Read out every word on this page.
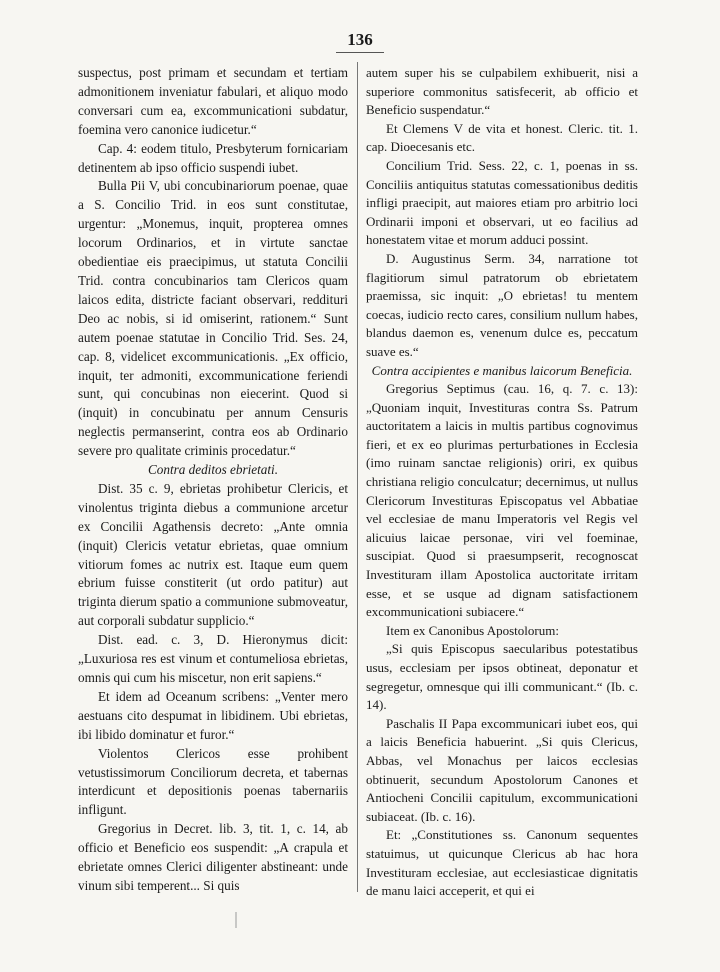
136

suspectus, post primam et secundam et tertiam admonitionem inveniatur fabulari, et aliquo modo conversari cum ea, excommunicationi subdatur, foemina vero canonice iudicetur.“

Cap. 4: eodem titulo, Presbyterum fornicariam detinentem ab ipso officio suspendi iubet.

Bulla Pii V, ubi concubinariorum poenae, quae a S. Concilio Trid. in eos sunt constitutae, urgentur: „Monemus, inquit, propterea omnes locorum Ordinarios, et in virtute sanctae obedientiae eis praecipimus, ut statuta Concilii Trid. contra concubinarios tam Clericos quam laicos edita, districte faciant observari, reddituri Deo ac nobis, si id omiserint, rationem.“ Sunt autem poenae statutae in Concilio Trid. Ses. 24, cap. 8, videlicet excommunicationis. „Ex officio, inquit, ter admoniti, excommunicatione feriendi sunt, qui concubinas non eiecerint. Quod si (inquit) in concubinatu per annum Censuris neglectis permanserint, contra eos ab Ordinario severe pro qualitate criminis procedatur.“

Contra deditos ebrietati.

Dist. 35 c. 9, ebrietas prohibetur Clericis, et vinolentus triginta diebus a communione arcetur ex Concilii Agathensis decreto: „Ante omnia (inquit) Clericis vetatur ebrietas, quae omnium vitiorum fomes ac nutrix est. Itaque eum quem ebrium fuisse constiterit (ut ordo patitur) aut triginta dierum spatio a communione submoveatur, aut corporali subdatur supplicio.“

Dist. ead. c. 3, D. Hieronymus dicit: „Luxuriosa res est vinum et contumeliosa ebrietas, omnis qui cum his miscetur, non erit sapiens.“

Et idem ad Oceanum scribens: „Venter mero aestuans cito despumat in libidinem. Ubi ebrietas, ibi libido dominatur et furor.“

Violentos Clericos esse prohibent vetustissimorum Conciliorum decreta, et tabernas interdicunt et depositionis poenas tabernariis infligunt.

Gregorius in Decret. lib. 3, tit. 1, c. 14, ab officio et Beneficio eos suspendit: „A crapula et ebrietate omnes Clerici diligenter abstineant: unde vinum sibi temperent... Si quis

autem super his se culpabilem exhibuerit, nisi a superiore commonitus satisfecerit, ab officio et Beneficio suspendatur.“

Et Clemens V de vita et honest. Cleric. tit. 1. cap. Dioecesanis etc.

Concilium Trid. Sess. 22, c. 1, poenas in ss. Conciliis antiquitus statutas comessationibus deditis infligi praecipit, aut maiores etiam pro arbitrio loci Ordinarii imponi et observari, ut eo facilius ad honestatem vitae et morum adduci possint.

D. Augustinus Serm. 34, narratione tot flagitiorum simul patratorum ob ebrietatem praemissa, sic inquit: „O ebrietas! tu mentem coecas, iudicio recto cares, consilium nullum habes, blandus daemon es, venenum dulce es, peccatum suave es.“

Contra accipientes e manibus laicorum Beneficia.

Gregorius Septimus (cau. 16, q. 7. c. 13): „Quoniam inquit, Investituras contra Ss. Patrum auctoritatem a laicis in multis partibus cognovimus fieri, et ex eo plurimas perturbationes in Ecclesia (imo ruinam sanctae religionis) oriri, ex quibus christiana religio conculcatur; decernimus, ut nullus Clericorum Investituras Episcopatus vel Abbatiae vel ecclesiae de manu Imperatoris vel Regis vel alicuius laicae personae, viri vel foeminae, suscipiat. Quod si praesumpserit, recognoscat Investituram illam Apostolica auctoritate irritam esse, et se usque ad dignam satisfactionem excommunicationi subiacere.“

Item ex Canonibus Apostolorum:

„Si quis Episcopus saecularibus potestatibus usus, ecclesiam per ipsos obtineat, deponatur et segregetur, omnesque qui illi communicant.“ (Ib. c. 14).

Paschalis II Papa excommunicari iubet eos, qui a laicis Beneficia habuerint. „Si quis Clericus, Abbas, vel Monachus per laicos ecclesias obtinuerit, secundum Apostolorum Canones et Antiocheni Concilii capitulum, excommunicationi subiaceat. (Ib. c. 16).

Et: „Constitutiones ss. Canonum sequentes statuimus, ut quicunque Clericus ab hac hora Investituram ecclesiae, aut ecclesiasticae dignitatis de manu laici acceperit, et qui ei
